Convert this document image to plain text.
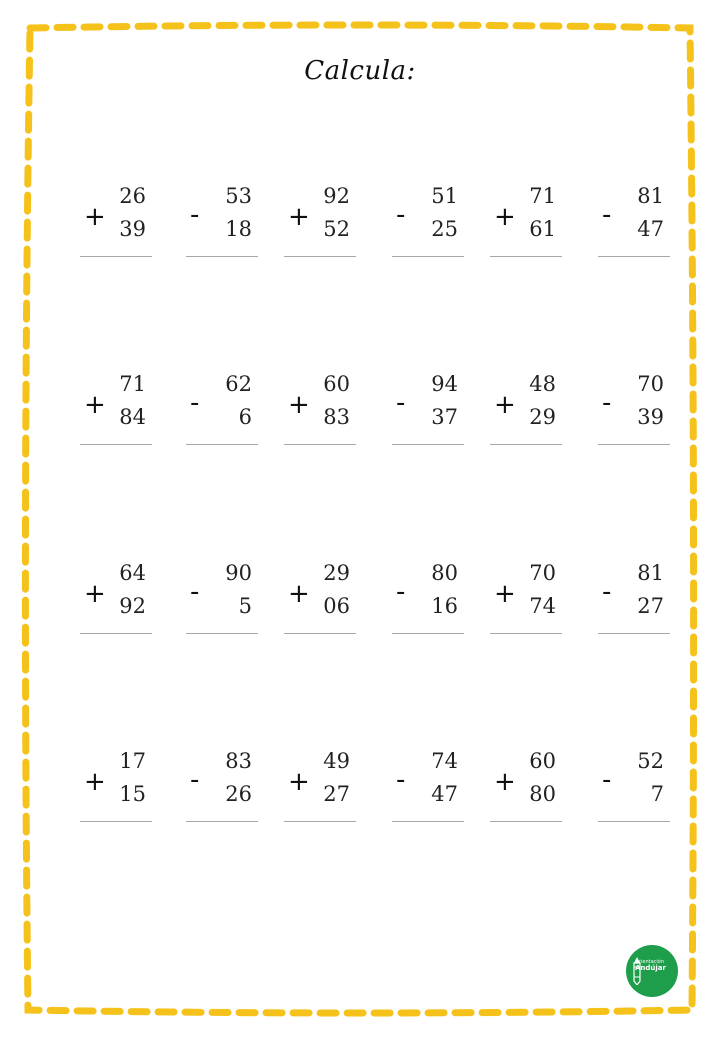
Calcula:
+
26
39 -
53
18 +
92
52 -
51
25 +
71
61 -
81
47
+
71
84 -
62
6 +
60
83 -
94
37 +
48
29 -
70
39
+
64
92 -
90
5 +
29
06 -
80
16 +
70
74 -
81
27
+
17
15 -
83
26 +
49
27 -
74
47 +
60
80 -
52
7
Orientación
Andújar
